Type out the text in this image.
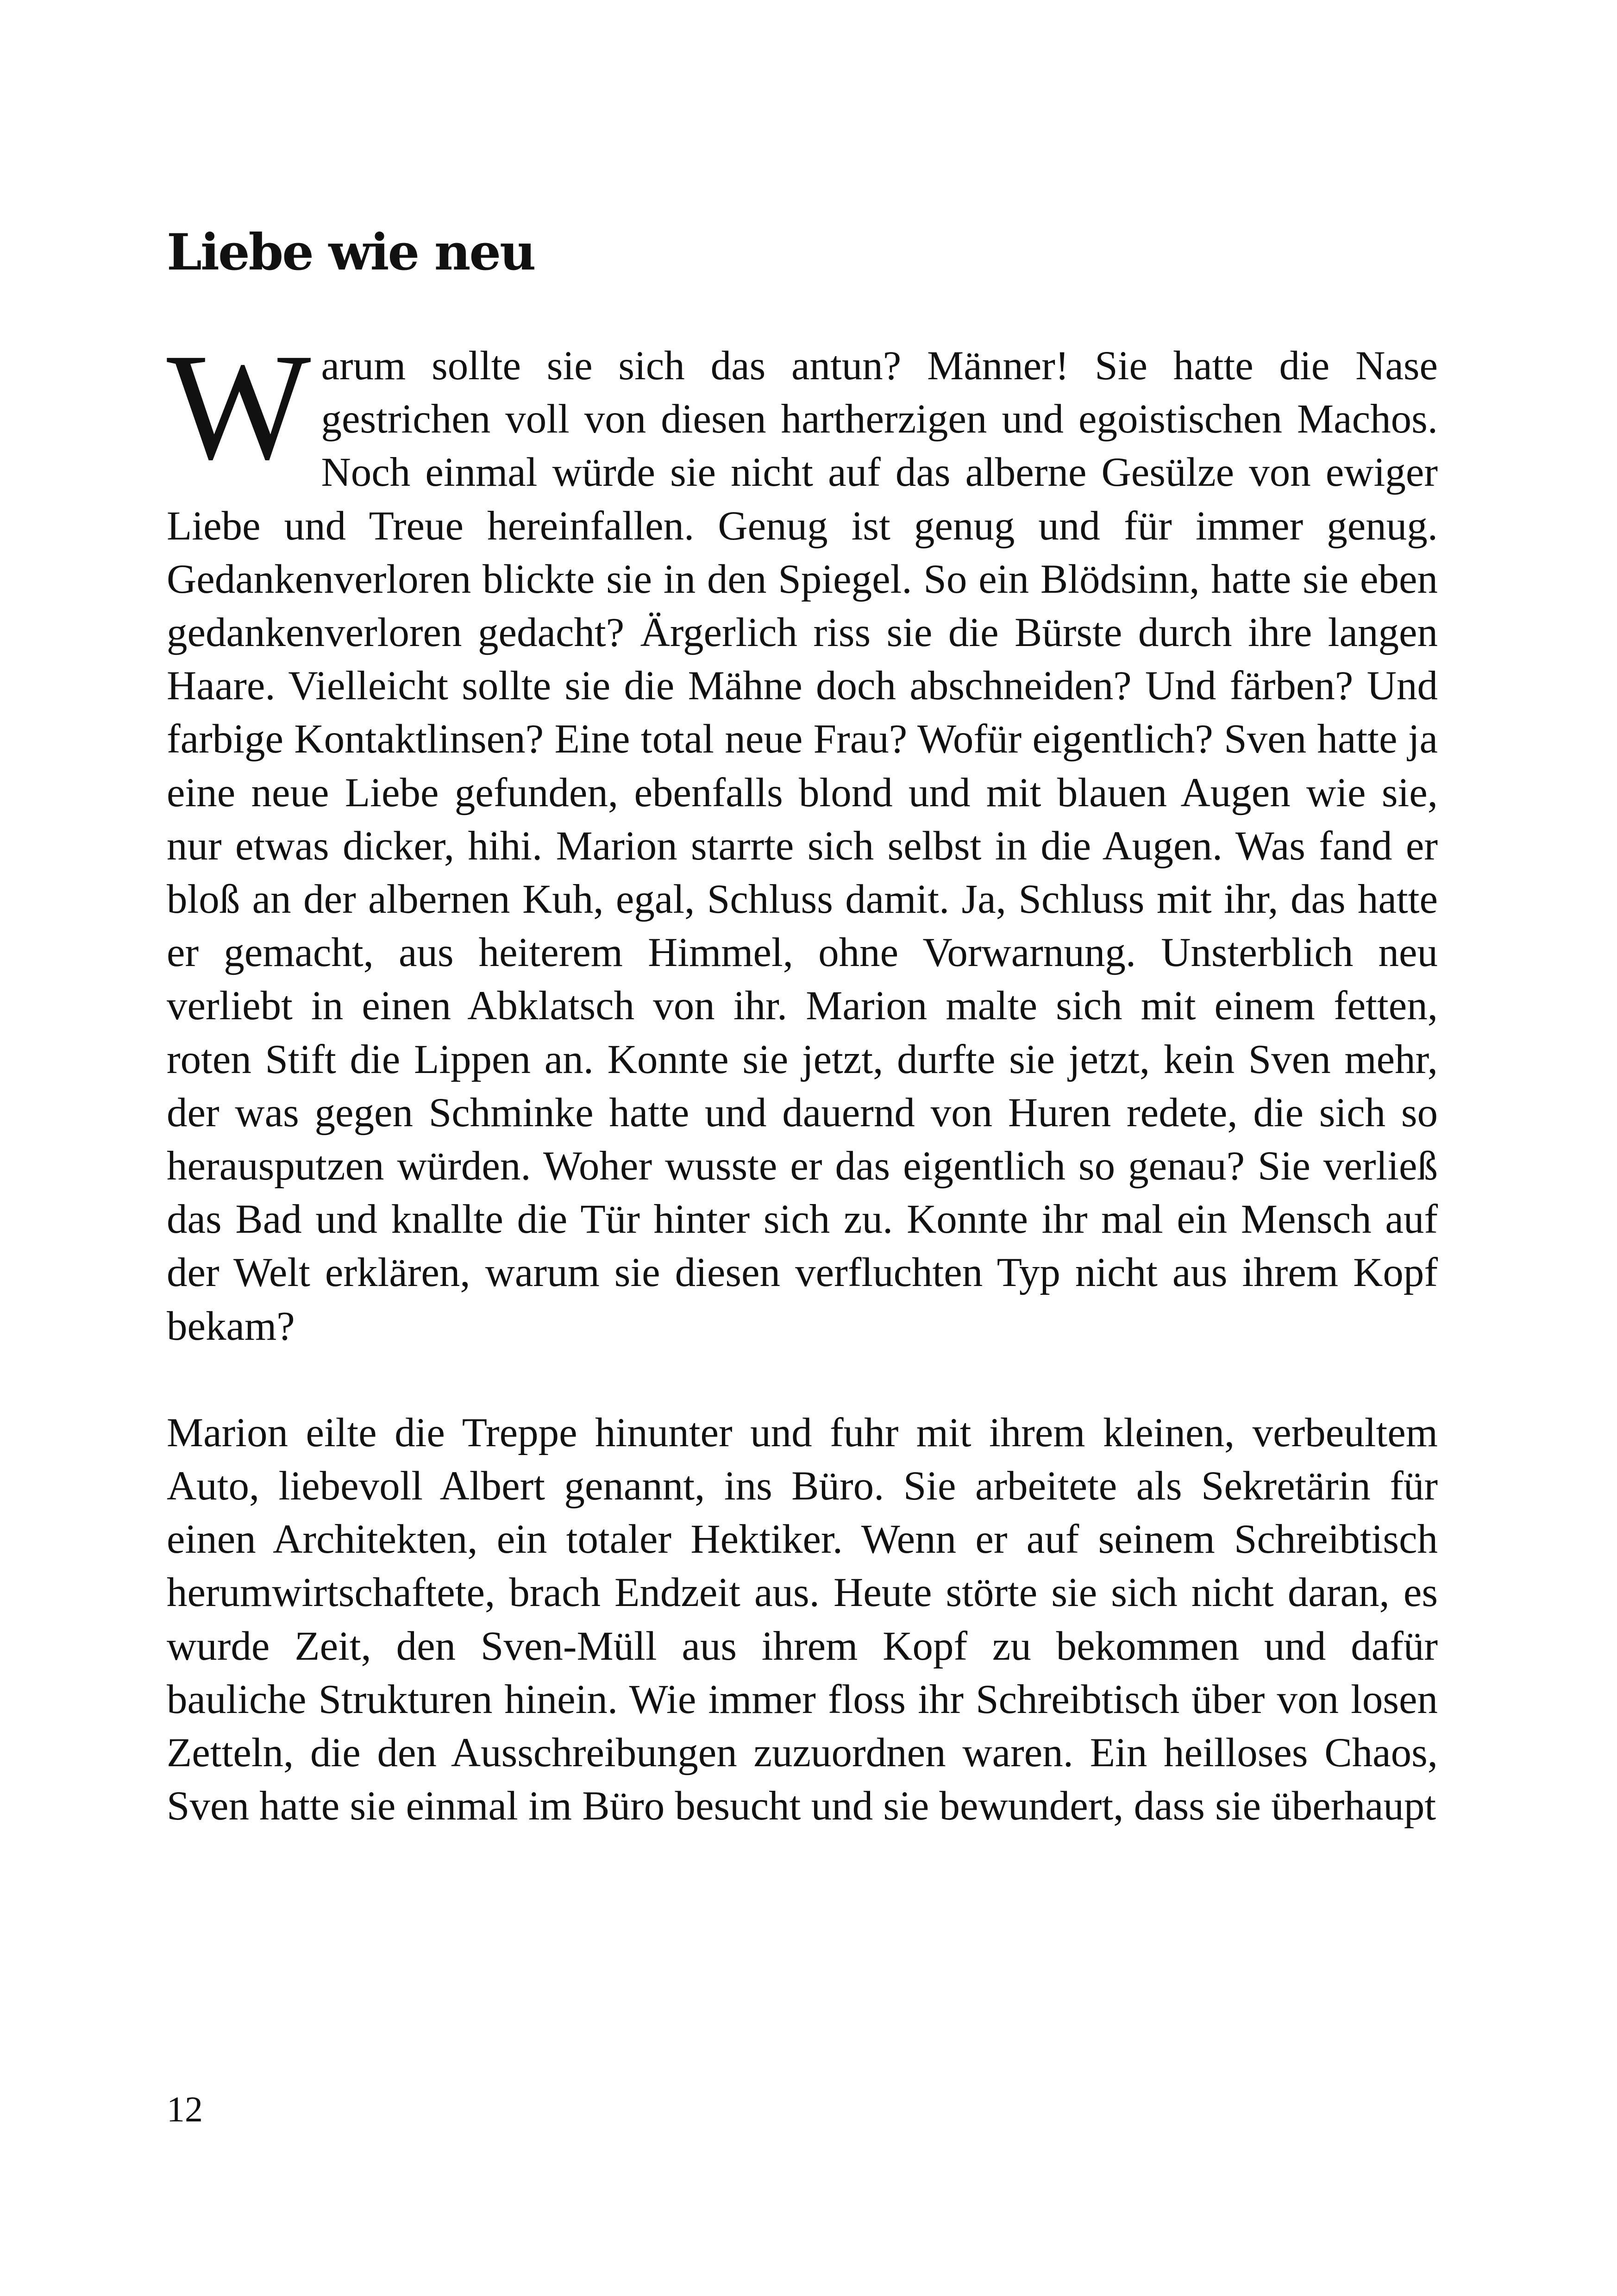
Liebe wie neu

Warum sollte sie sich das antun? Männer! Sie hatte die Nase gestrichen voll von diesen hartherzigen und egoistischen Machos. Noch einmal würde sie nicht auf das alberne Gesülze von ewiger Liebe und Treue hereinfallen. Genug ist genug und für immer genug. Gedankenverloren blickte sie in den Spiegel. So ein Blödsinn, hatte sie eben gedankenverloren gedacht? Ärgerlich riss sie die Bürste durch ihre langen Haare. Vielleicht sollte sie die Mähne doch abschneiden? Und färben? Und farbige Kontaktlinsen? Eine total neue Frau? Wofür eigentlich? Sven hatte ja eine neue Liebe gefunden, ebenfalls blond und mit blauen Augen wie sie, nur etwas dicker, hihi. Marion starrte sich selbst in die Augen. Was fand er bloß an der albernen Kuh, egal, Schluss damit. Ja, Schluss mit ihr, das hatte er gemacht, aus heiterem Himmel, ohne Vorwarnung. Unsterblich neu verliebt in einen Abklatsch von ihr. Marion malte sich mit einem fetten, roten Stift die Lippen an. Konnte sie jetzt, durfte sie jetzt, kein Sven mehr, der was gegen Schminke hatte und dauernd von Huren redete, die sich so herausputzen würden. Woher wusste er das eigentlich so genau? Sie verließ das Bad und knallte die Tür hinter sich zu. Konnte ihr mal ein Mensch auf der Welt erklären, warum sie diesen verfluchten Typ nicht aus ihrem Kopf bekam?

Marion eilte die Treppe hinunter und fuhr mit ihrem kleinen, verbeultem Auto, liebevoll Albert genannt, ins Büro. Sie arbeitete als Sekretärin für einen Architekten, ein totaler Hektiker. Wenn er auf seinem Schreibtisch herumwirtschaftete, brach Endzeit aus. Heute störte sie sich nicht daran, es wurde Zeit, den Sven-Müll aus ihrem Kopf zu bekommen und dafür bauliche Strukturen hinein. Wie immer floss ihr Schreibtisch über von losen Zetteln, die den Ausschreibungen zuzuordnen waren. Ein heilloses Chaos, Sven hatte sie einmal im Büro besucht und sie bewundert, dass sie überhaupt

12
